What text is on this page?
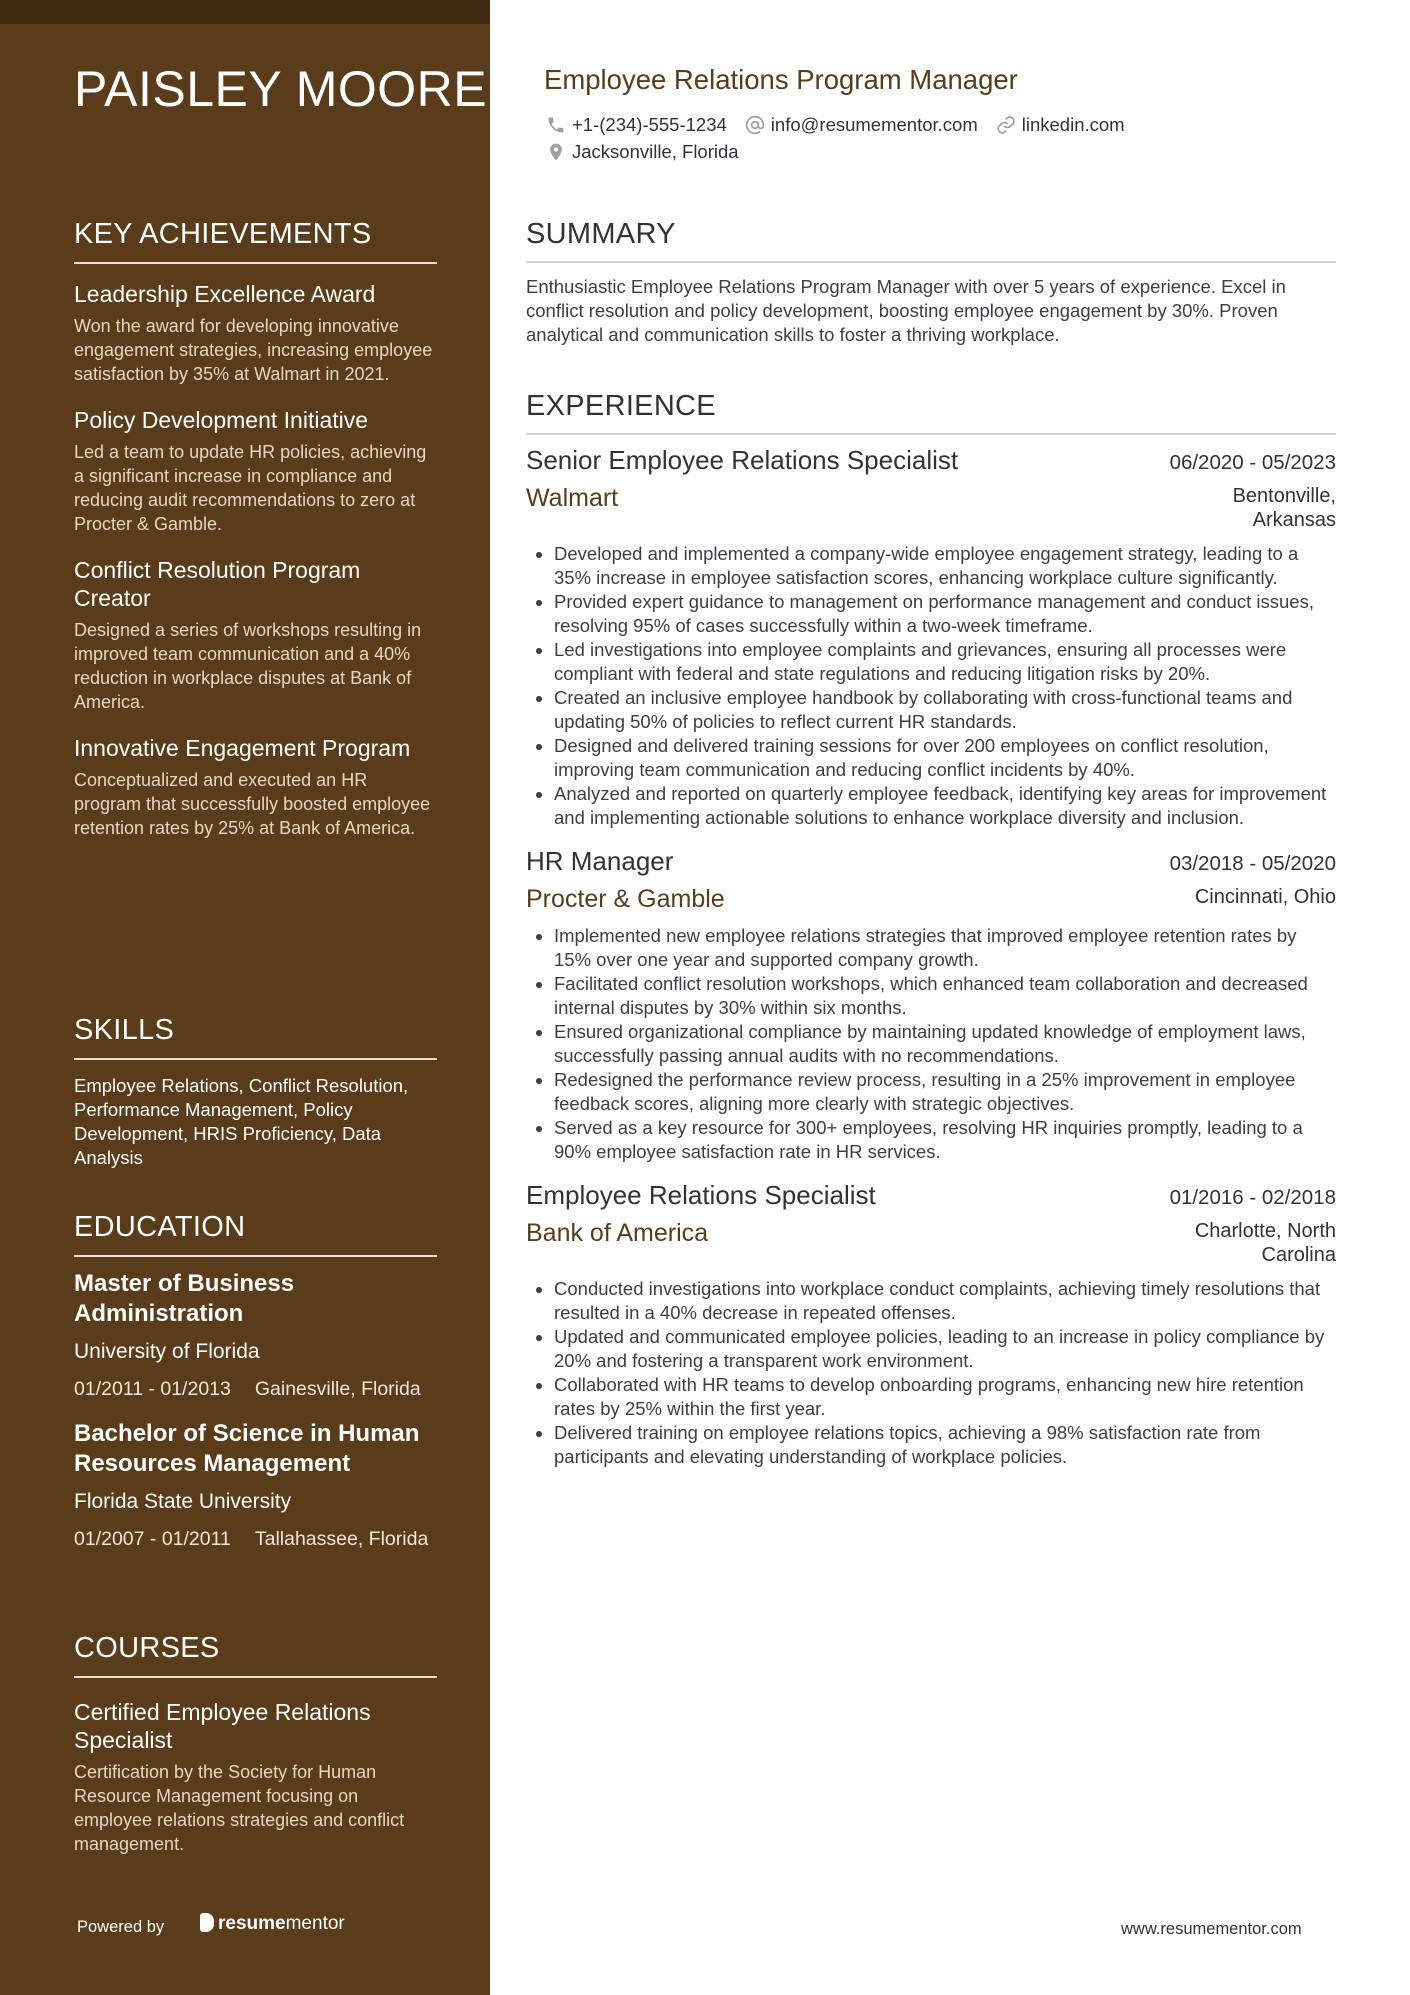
PAISLEY MOORE
KEY ACHIEVEMENTS
Leadership Excellence Award

Won the award for developing innovative engagement strategies, increasing employee satisfaction by 35% at Walmart in 2021.

Policy Development Initiative

Led a team to update HR policies, achieving a significant increase in compliance and reducing audit recommendations to zero at Procter & Gamble.

Conflict Resolution Program Creator

Designed a series of workshops resulting in improved team communication and a 40% reduction in workplace disputes at Bank of America.

Innovative Engagement Program

Conceptualized and executed an HR program that successfully boosted employee retention rates by 25% at Bank of America.

SKILLS

Employee Relations, Conflict Resolution, Performance Management, Policy Development, HRIS Proficiency, Data Analysis

EDUCATION
Master of Business Administration
University of Florida
01/2011 - 01/2013 Gainesville, Florida
Bachelor of Science in Human Resources Management
Florida State University
01/2007 - 01/2011 Tallahassee, Florida
COURSES
Certified Employee Relations Specialist

Certification by the Society for Human Resource Management focusing on employee relations strategies and conflict management.

Powered by	resumementor
Employee Relations Program Manager
+1-(234)-555-1234 info@resumementor.com linkedin.com
Jacksonville, Florida
SUMMARY

Enthusiastic Employee Relations Program Manager with over 5 years of experience. Excel in conflict resolution and policy development, boosting employee engagement by 30%. Proven analytical and communication skills to foster a thriving workplace.

EXPERIENCE
Senior Employee Relations Specialist	06/2020 - 05/2023
Walmart	Bentonville, Arkansas
• Developed and implemented a company-wide employee engagement strategy, leading to a 35% increase in employee satisfaction scores, enhancing workplace culture significantly.
• Provided expert guidance to management on performance management and conduct issues, resolving 95% of cases successfully within a two-week timeframe.
• Led investigations into employee complaints and grievances, ensuring all processes were compliant with federal and state regulations and reducing litigation risks by 20%.
• Created an inclusive employee handbook by collaborating with cross-functional teams and updating 50% of policies to reflect current HR standards.
• Designed and delivered training sessions for over 200 employees on conflict resolution, improving team communication and reducing conflict incidents by 40%.
• Analyzed and reported on quarterly employee feedback, identifying key areas for improvement and implementing actionable solutions to enhance workplace diversity and inclusion.
HR Manager	03/2018 - 05/2020
Procter & Gamble	Cincinnati, Ohio
• Implemented new employee relations strategies that improved employee retention rates by 15% over one year and supported company growth.
• Facilitated conflict resolution workshops, which enhanced team collaboration and decreased internal disputes by 30% within six months.
• Ensured organizational compliance by maintaining updated knowledge of employment laws, successfully passing annual audits with no recommendations.
• Redesigned the performance review process, resulting in a 25% improvement in employee feedback scores, aligning more clearly with strategic objectives.
• Served as a key resource for 300+ employees, resolving HR inquiries promptly, leading to a 90% employee satisfaction rate in HR services.
Employee Relations Specialist	01/2016 - 02/2018
Bank of America	Charlotte, North Carolina
• Conducted investigations into workplace conduct complaints, achieving timely resolutions that resulted in a 40% decrease in repeated offenses.
• Updated and communicated employee policies, leading to an increase in policy compliance by 20% and fostering a transparent work environment.
• Collaborated with HR teams to develop onboarding programs, enhancing new hire retention rates by 25% within the first year.
• Delivered training on employee relations topics, achieving a 98% satisfaction rate from participants and elevating understanding of workplace policies.
www.resumementor.com
